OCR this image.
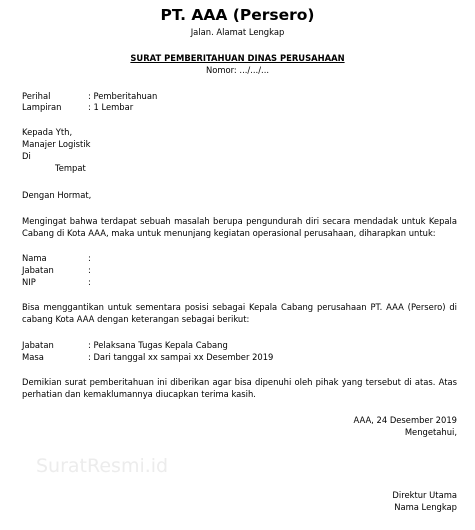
PT. AAA (Persero)
Jalan. Alamat Lengkap
SURAT PEMBERITAHUAN DINAS PERUSAHAAN
Nomor: .../.../...
Perihal	: Pemberitahuan
Lampiran	: 1 Lembar
Kepada Yth,
Manajer Logistik
Di
Tempat
Dengan Hormat,
Mengingat bahwa terdapat sebuah masalah berupa pengundurah diri secara mendadak untuk Kepala
Cabang di Kota AAA, maka untuk menunjang kegiatan operasional perusahaan, diharapkan untuk:
Nama	:
Jabatan	:
NIP	:
Bisa menggantikan untuk sementara posisi sebagai Kepala Cabang perusahaan PT. AAA (Persero) di
cabang Kota AAA dengan keterangan sebagai berikut:
Jabatan	: Pelaksana Tugas Kepala Cabang
Masa	: Dari tanggal xx sampai xx Desember 2019
Demikian surat pemberitahuan ini diberikan agar bisa dipenuhi oleh pihak yang tersebut di atas. Atas
perhatian dan kemaklumannya diucapkan terima kasih.
AAA, 24 Desember 2019
Mengetahui,
SuratResmi.id
Direktur Utama
Nama Lengkap
